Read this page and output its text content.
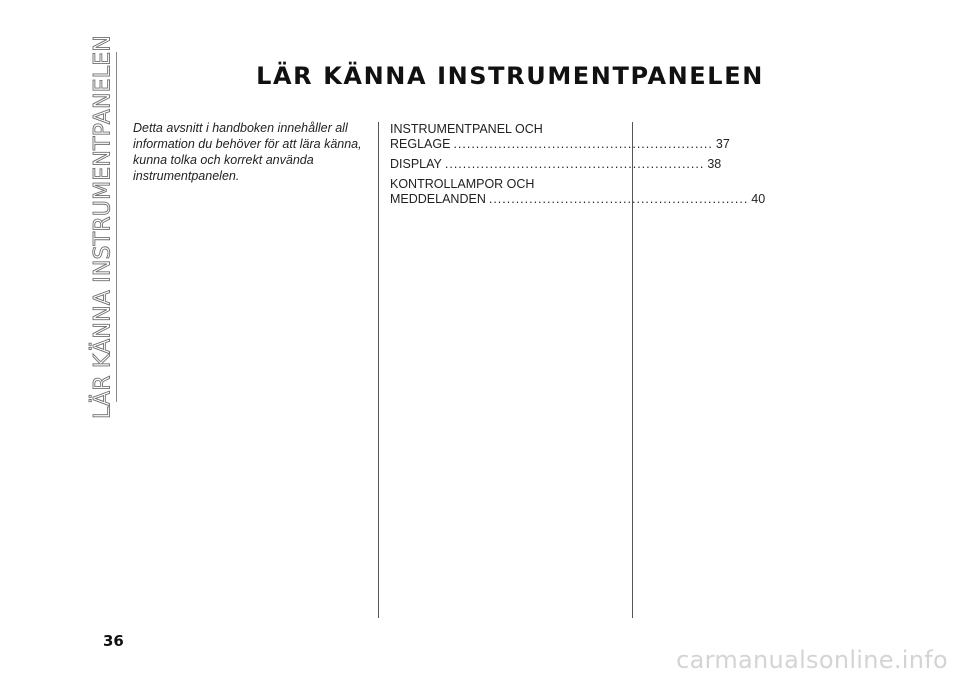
LÄR KÄNNA INSTRUMENTPANELEN	LÄR KÄNNA INSTRUMENTPANELEN

Detta avsnitt i handboken innehåller all information du behöver för att lära känna, kunna tolka och korrekt använda instrumentpanelen.

INSTRUMENTPANEL OCH
REGLAGE .......................................................... 37
DISPLAY .......................................................... 38
KONTROLLAMPOR OCH
MEDDELANDEN .......................................................... 40
36
carmanualsonline.info
